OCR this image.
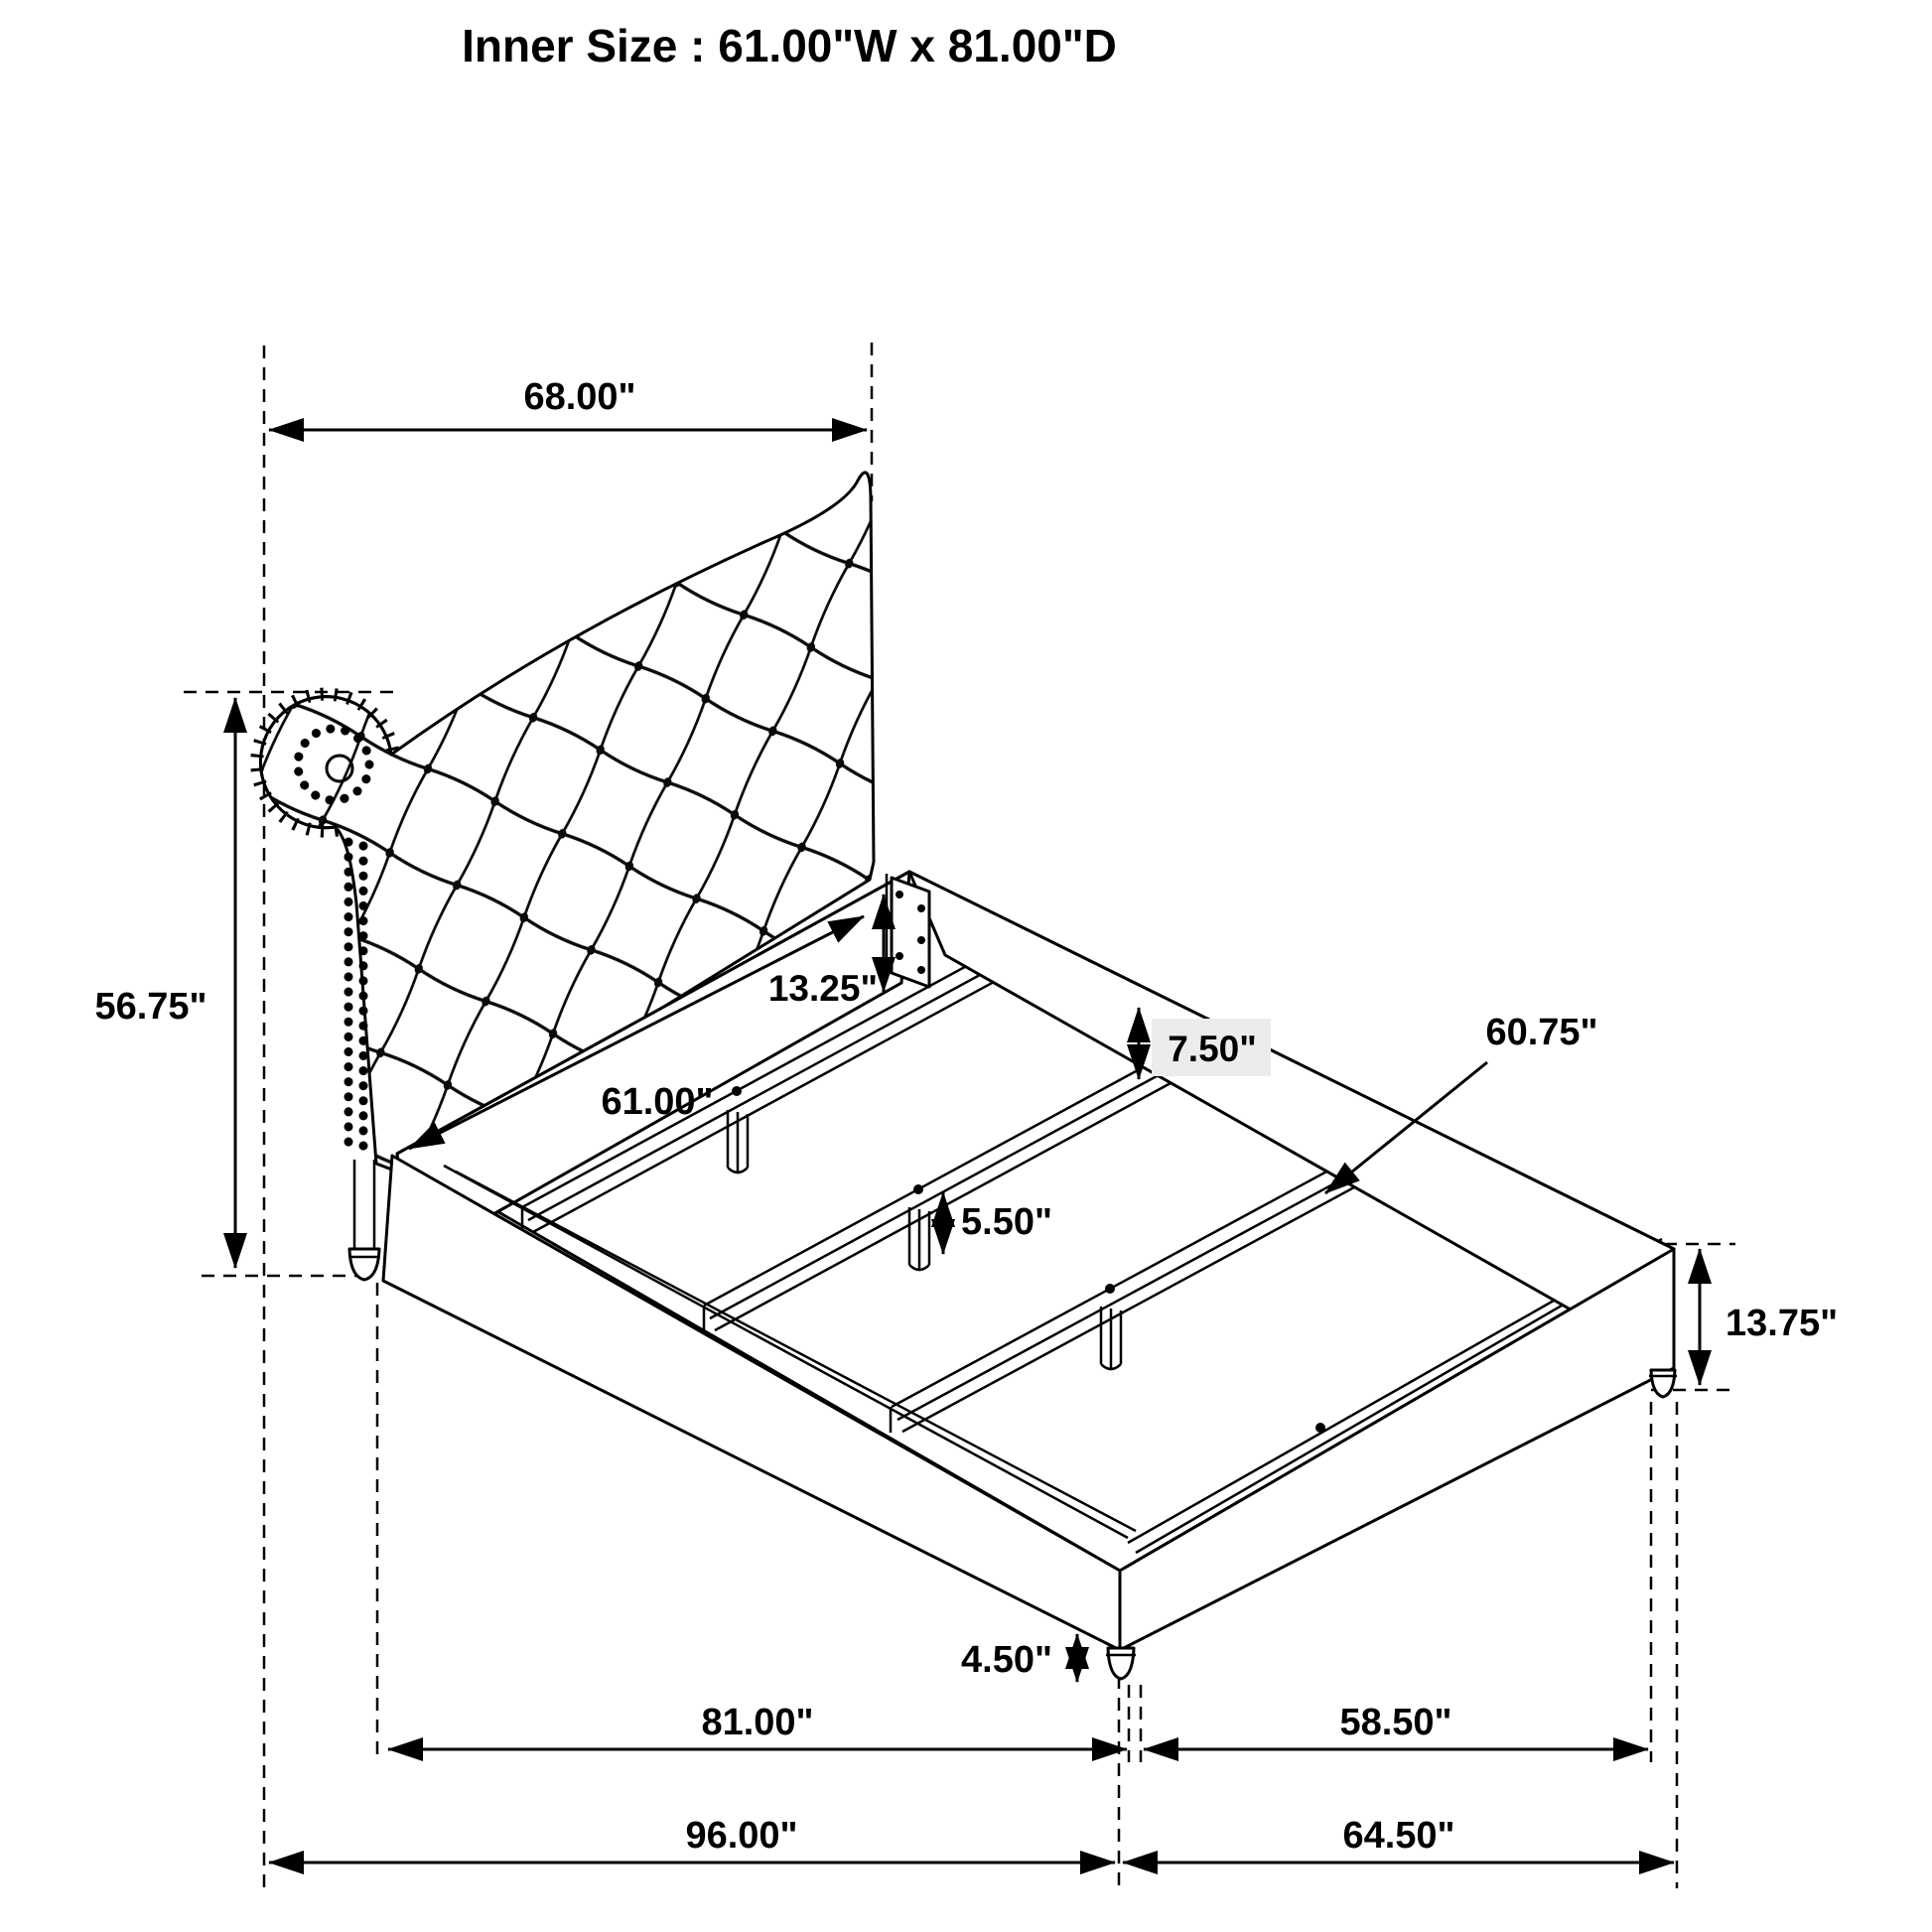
Inner Size : 61.00"W x 81.00"D
68.00"
56.75"	13.25"
61.00"
7.50"	60.75"
5.50"
13.75"
4.50"
81.00"	58.50"
96.00"	64.50"
